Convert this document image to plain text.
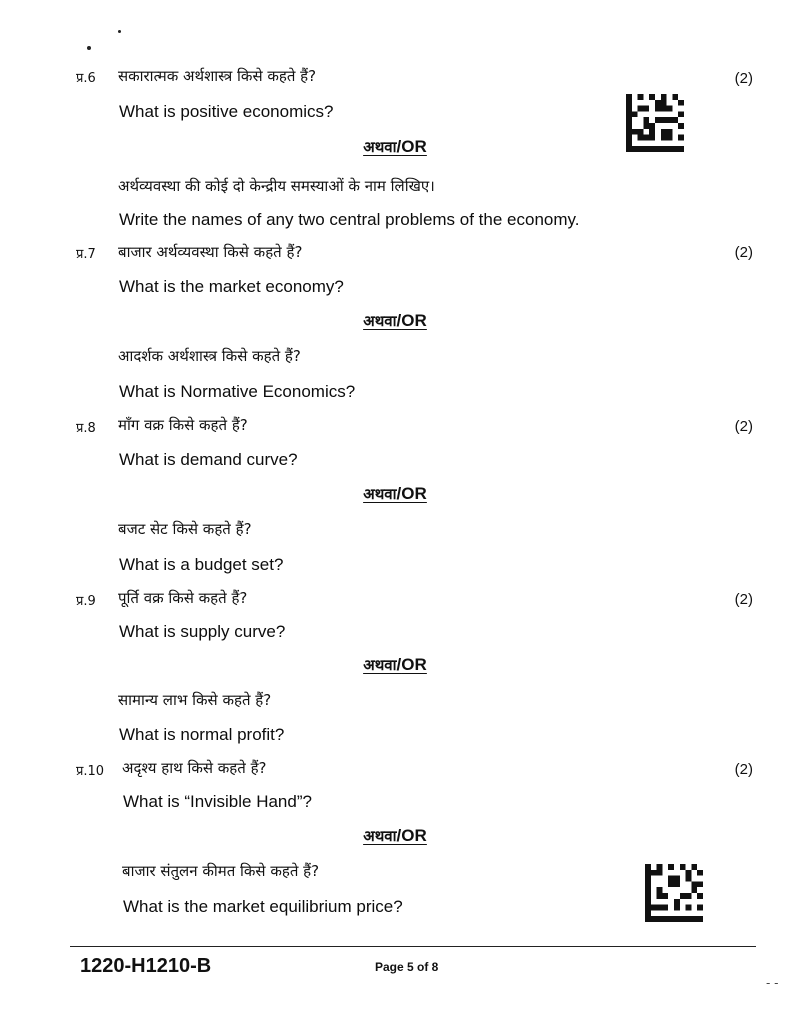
प्र.6 सकारात्मक अर्थशास्त्र किसे कहते हैं?	(2)
What is positive economics?
अथवा/OR
अर्थव्यवस्था की कोई दो केन्द्रीय समस्याओं के नाम लिखिए।
Write the names of any two central problems of the economy.
प्र.7 बाजार अर्थव्यवस्था किसे कहते हैं?	(2)
What is the market economy?
अथवा/OR
आदर्शक अर्थशास्त्र किसे कहते हैं?
What is Normative Economics?
प्र.8 माँग वक्र किसे कहते हैं?	(2)
What is demand curve?
अथवा/OR
बजट सेट किसे कहते हैं?
What is a budget set?
प्र.9 पूर्ति वक्र किसे कहते हैं?	(2)
What is supply curve?
अथवा/OR
सामान्य लाभ किसे कहते हैं?
What is normal profit?
प्र.10 अदृश्य हाथ किसे कहते हैं?	(2)
What is “Invisible Hand”?
अथवा/OR
बाजार संतुलन कीमत किसे कहते हैं?
What is the market equilibrium price?
1220-H1210-B	Page 5 of 8
‑ ‑
